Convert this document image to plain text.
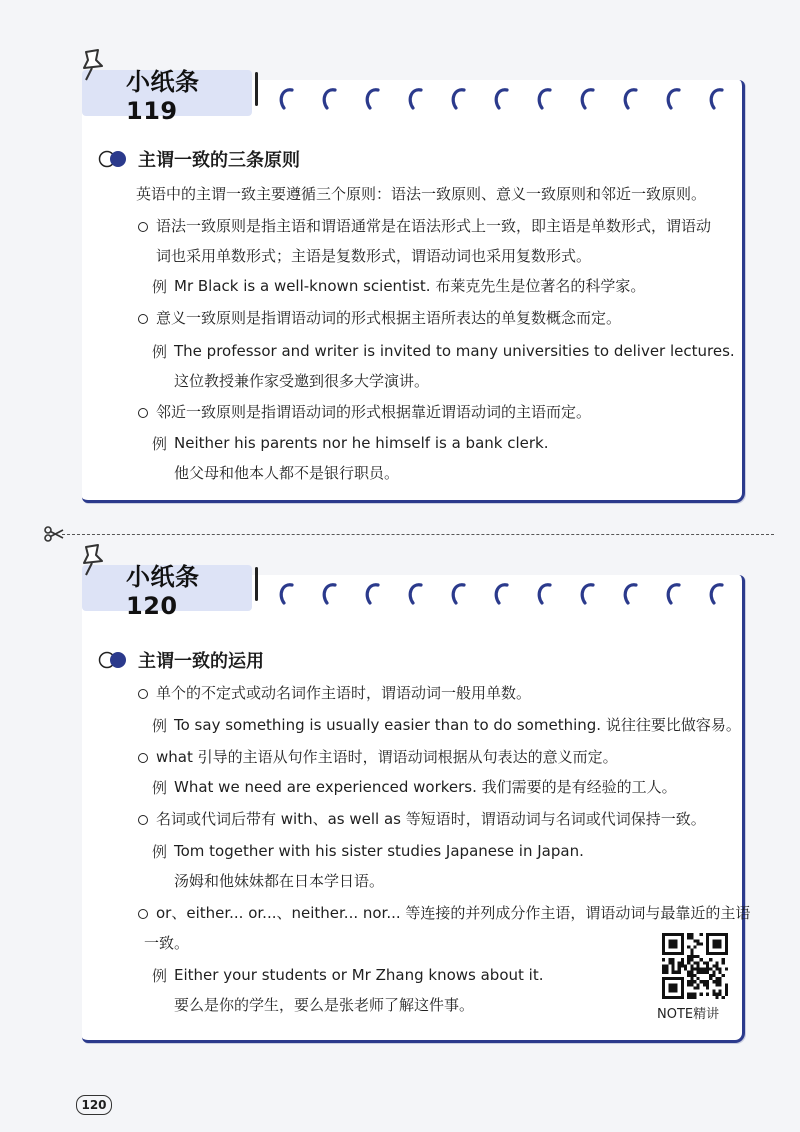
小纸条 119
主谓一致的三条原则
英语中的主谓一致主要遵循三个原则：语法一致原则、意义一致原则和邻近一致原则。
语法一致原则是指主语和谓语通常是在语法形式上一致，即主语是单数形式，谓语动
词也采用单数形式；主语是复数形式，谓语动词也采用复数形式。
例 Mr Black is a well-known scientist. 布莱克先生是位著名的科学家。
意义一致原则是指谓语动词的形式根据主语所表达的单复数概念而定。
例 The professor and writer is invited to many universities to deliver lectures.
这位教授兼作家受邀到很多大学演讲。
邻近一致原则是指谓语动词的形式根据靠近谓语动词的主语而定。
例 Neither his parents nor he himself is a bank clerk.
他父母和他本人都不是银行职员。
小纸条 120
主谓一致的运用
单个的不定式或动名词作主语时，谓语动词一般用单数。
例 To say something is usually easier than to do something. 说往往要比做容易。
what 引导的主语从句作主语时，谓语动词根据从句表达的意义而定。
例 What we need are experienced workers. 我们需要的是有经验的工人。
名词或代词后带有 with、as well as 等短语时，谓语动词与名词或代词保持一致。
例 Tom together with his sister studies Japanese in Japan.
汤姆和他妹妹都在日本学日语。
or、either... or...、neither... nor... 等连接的并列成分作主语，谓语动词与最靠近的主语
一致。
例 Either your students or Mr Zhang knows about it.
要么是你的学生，要么是张老师了解这件事。
NOTE精讲
120
